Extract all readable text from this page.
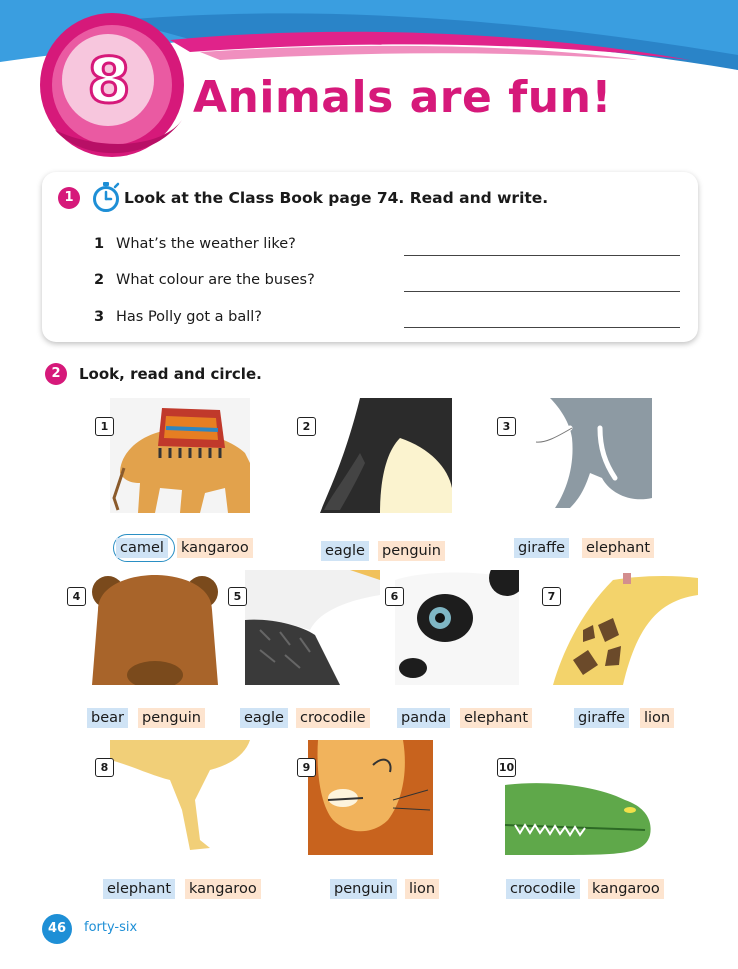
8 Animals are fun!
1	Look at the Class Book page 74. Read and write.
1 What’s the weather like?
2 What colour are the buses?
3 Has Polly got a ball?
2	Look, read and circle.
1
camel kangaroo
2
eagle penguin
3
giraffe elephant
4
bear penguin
5
eagle crocodile
6
panda elephant
7
giraffe lion
8
elephant kangaroo
9
penguin lion
10
crocodile kangaroo
46	forty-six
